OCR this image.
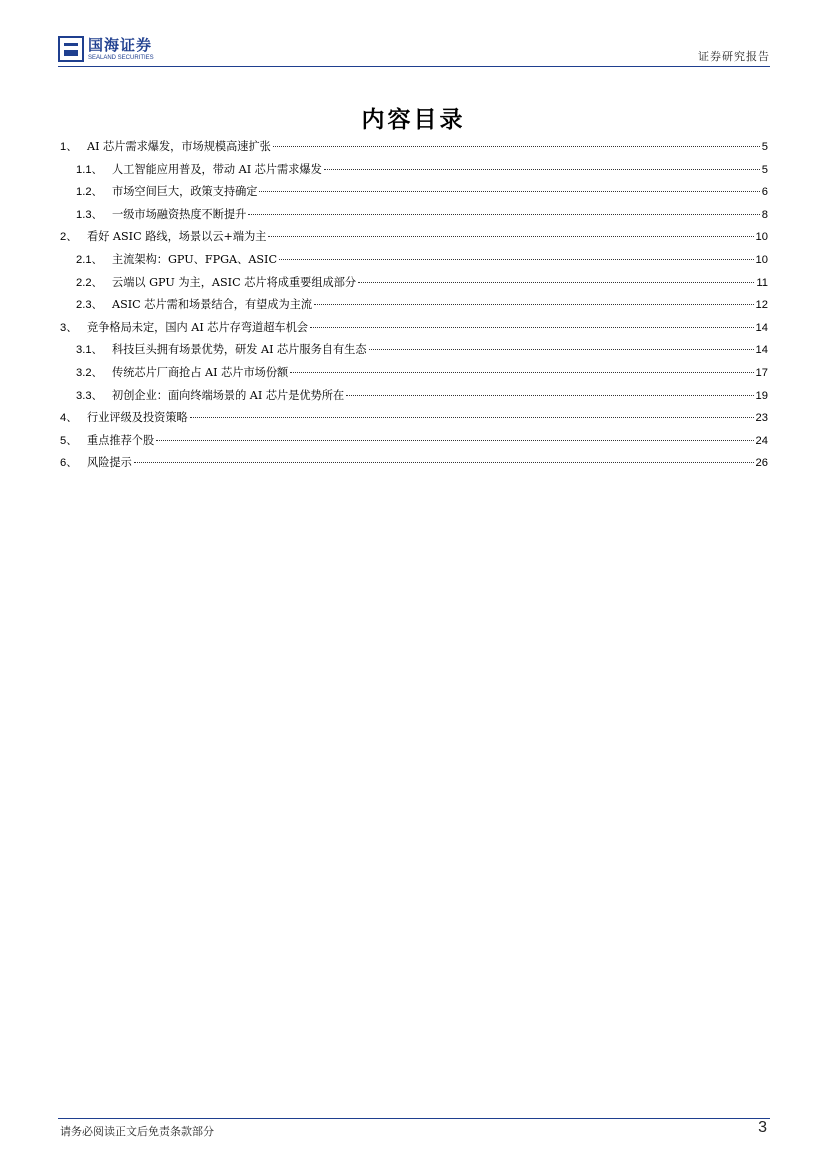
国海证券
SEALAND SECURITIES	证券研究报告
内容目录
1、 AI 芯片需求爆发，市场规模高速扩张	5
1.1、 人工智能应用普及，带动 AI 芯片需求爆发	5
1.2、 市场空间巨大，政策支持确定	6
1.3、 一级市场融资热度不断提升	8
2、 看好 ASIC 路线，场景以云+端为主	10
2.1、 主流架构：GPU、FPGA、ASIC	10
2.2、 云端以 GPU 为主，ASIC 芯片将成重要组成部分	11
2.3、 ASIC 芯片需和场景结合，有望成为主流	12
3、 竞争格局未定，国内 AI 芯片存弯道超车机会	14
3.1、 科技巨头拥有场景优势，研发 AI 芯片服务自有生态	14
3.2、 传统芯片厂商抢占 AI 芯片市场份额	17
3.3、 初创企业：面向终端场景的 AI 芯片是优势所在	19
4、 行业评级及投资策略	23
5、 重点推荐个股	24
6、 风险提示	26
请务必阅读正文后免责条款部分	3
